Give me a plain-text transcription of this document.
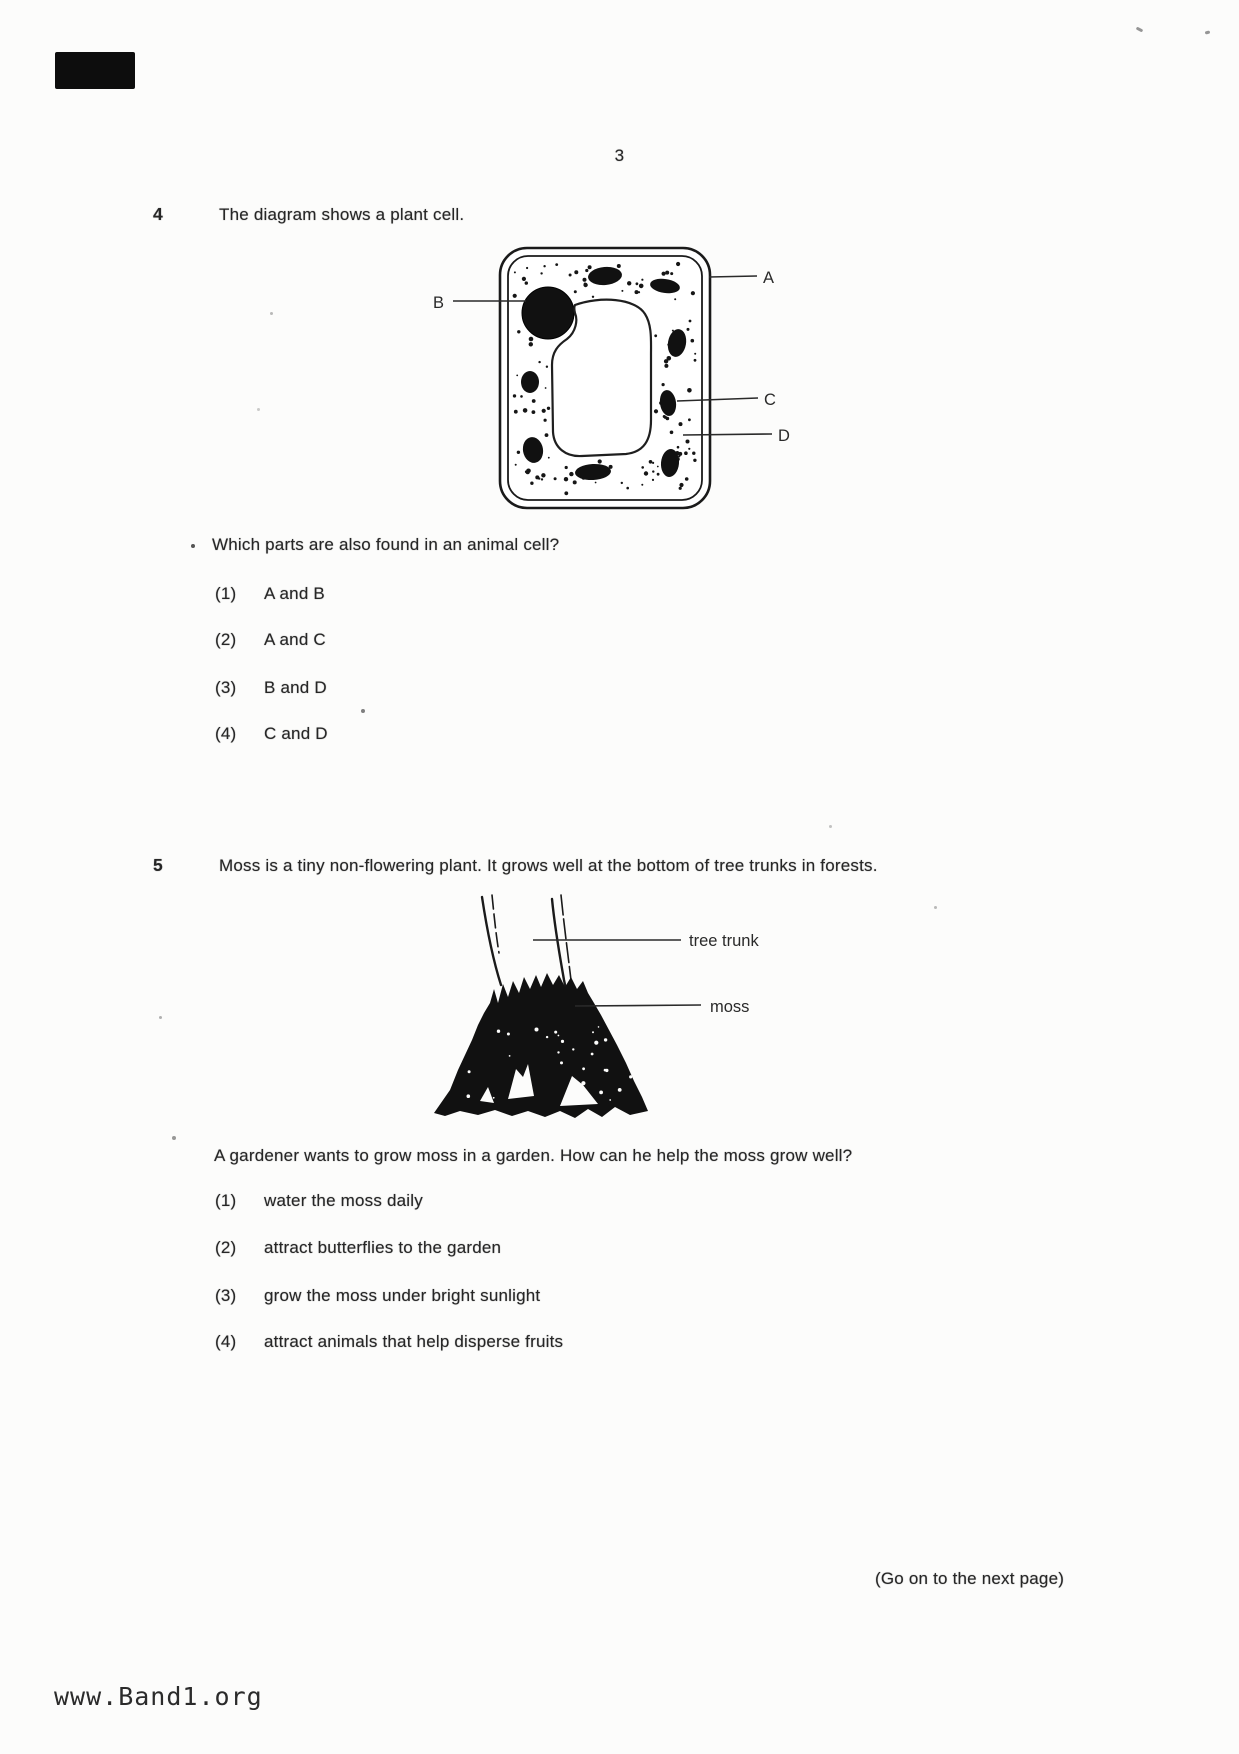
3
4	The diagram shows a plant cell.
A
B
C
D
Which parts are also found in an animal cell?
(1) A and B
(2) A and C
(3) B and D
(4) C and D
5	Moss is a tiny non-flowering plant. It grows well at the bottom of tree trunks in forests.
tree trunk
moss
A gardener wants to grow moss in a garden. How can he help the moss grow well?
(1) water the moss daily
(2) attract butterflies to the garden
(3) grow the moss under bright sunlight
(4) attract animals that help disperse fruits
(Go on to the next page)
www.Band1.org
